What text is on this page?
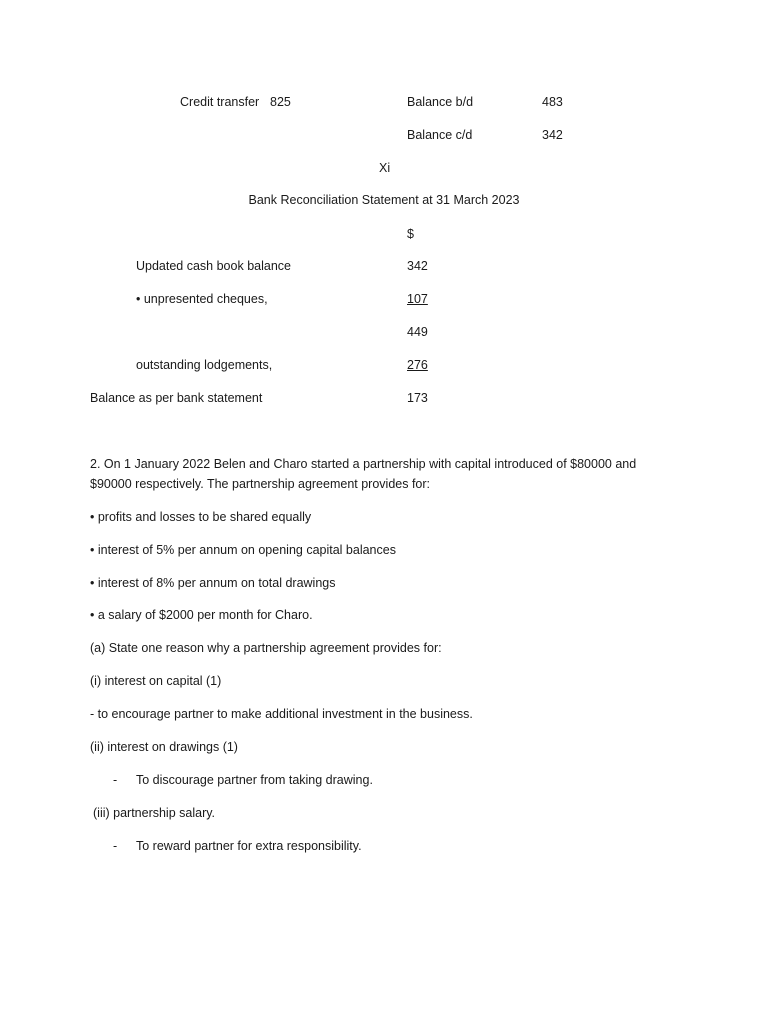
Credit transfer 825	Balance b/d	483
Balance c/d	342
Xi
Bank Reconciliation Statement at 31 March 2023
$
Updated cash book balance	342
• unpresented cheques,	107
449
outstanding lodgements,	276
Balance as per bank statement	173
2. On 1 January 2022 Belen and Charo started a partnership with capital introduced of $80000 and $90000 respectively. The partnership agreement provides for:
• profits and losses to be shared equally
• interest of 5% per annum on opening capital balances
• interest of 8% per annum on total drawings
• a salary of $2000 per month for Charo.
(a) State one reason why a partnership agreement provides for:
(i) interest on capital (1)
- to encourage partner to make additional investment in the business.
(ii) interest on drawings (1)
- To discourage partner from taking drawing.
(iii) partnership salary.
- To reward partner for extra responsibility.
